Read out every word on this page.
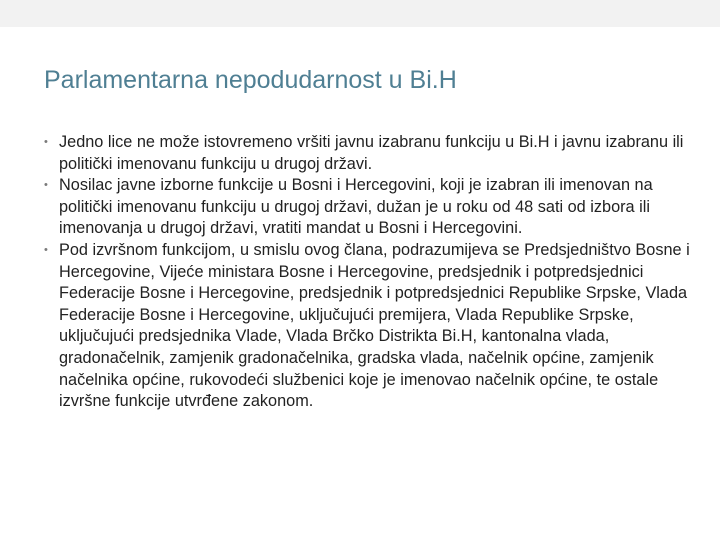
Parlamentarna nepodudarnost u Bi.H
• Jedno lice ne može istovremeno vršiti javnu izabranu funkciju u Bi.H i javnu izabranu ili politički imenovanu funkciju u drugoj državi.
• Nosilac javne izborne funkcije u Bosni i Hercegovini, koji je izabran ili imenovan na politički imenovanu funkciju u drugoj državi, dužan je u roku od 48 sati od izbora ili imenovanja u drugoj državi, vratiti mandat u Bosni i Hercegovini.
• Pod izvršnom funkcijom, u smislu ovog člana, podrazumijeva se Predsjedništvo Bosne i Hercegovine, Vijeće ministara Bosne i Hercegovine, predsjednik i potpredsjednici Federacije Bosne i Hercegovine, predsjednik i potpredsjednici Republike Srpske, Vlada Federacije Bosne i Hercegovine, uključujući premijera, Vlada Republike Srpske, uključujući predsjednika Vlade, Vlada Brčko Distrikta Bi.H, kantonalna vlada, gradonačelnik, zamjenik gradonačelnika, gradska vlada, načelnik općine, zamjenik načelnika općine, rukovodeći službenici koje je imenovao načelnik općine, te ostale izvršne funkcije utvrđene zakonom.
